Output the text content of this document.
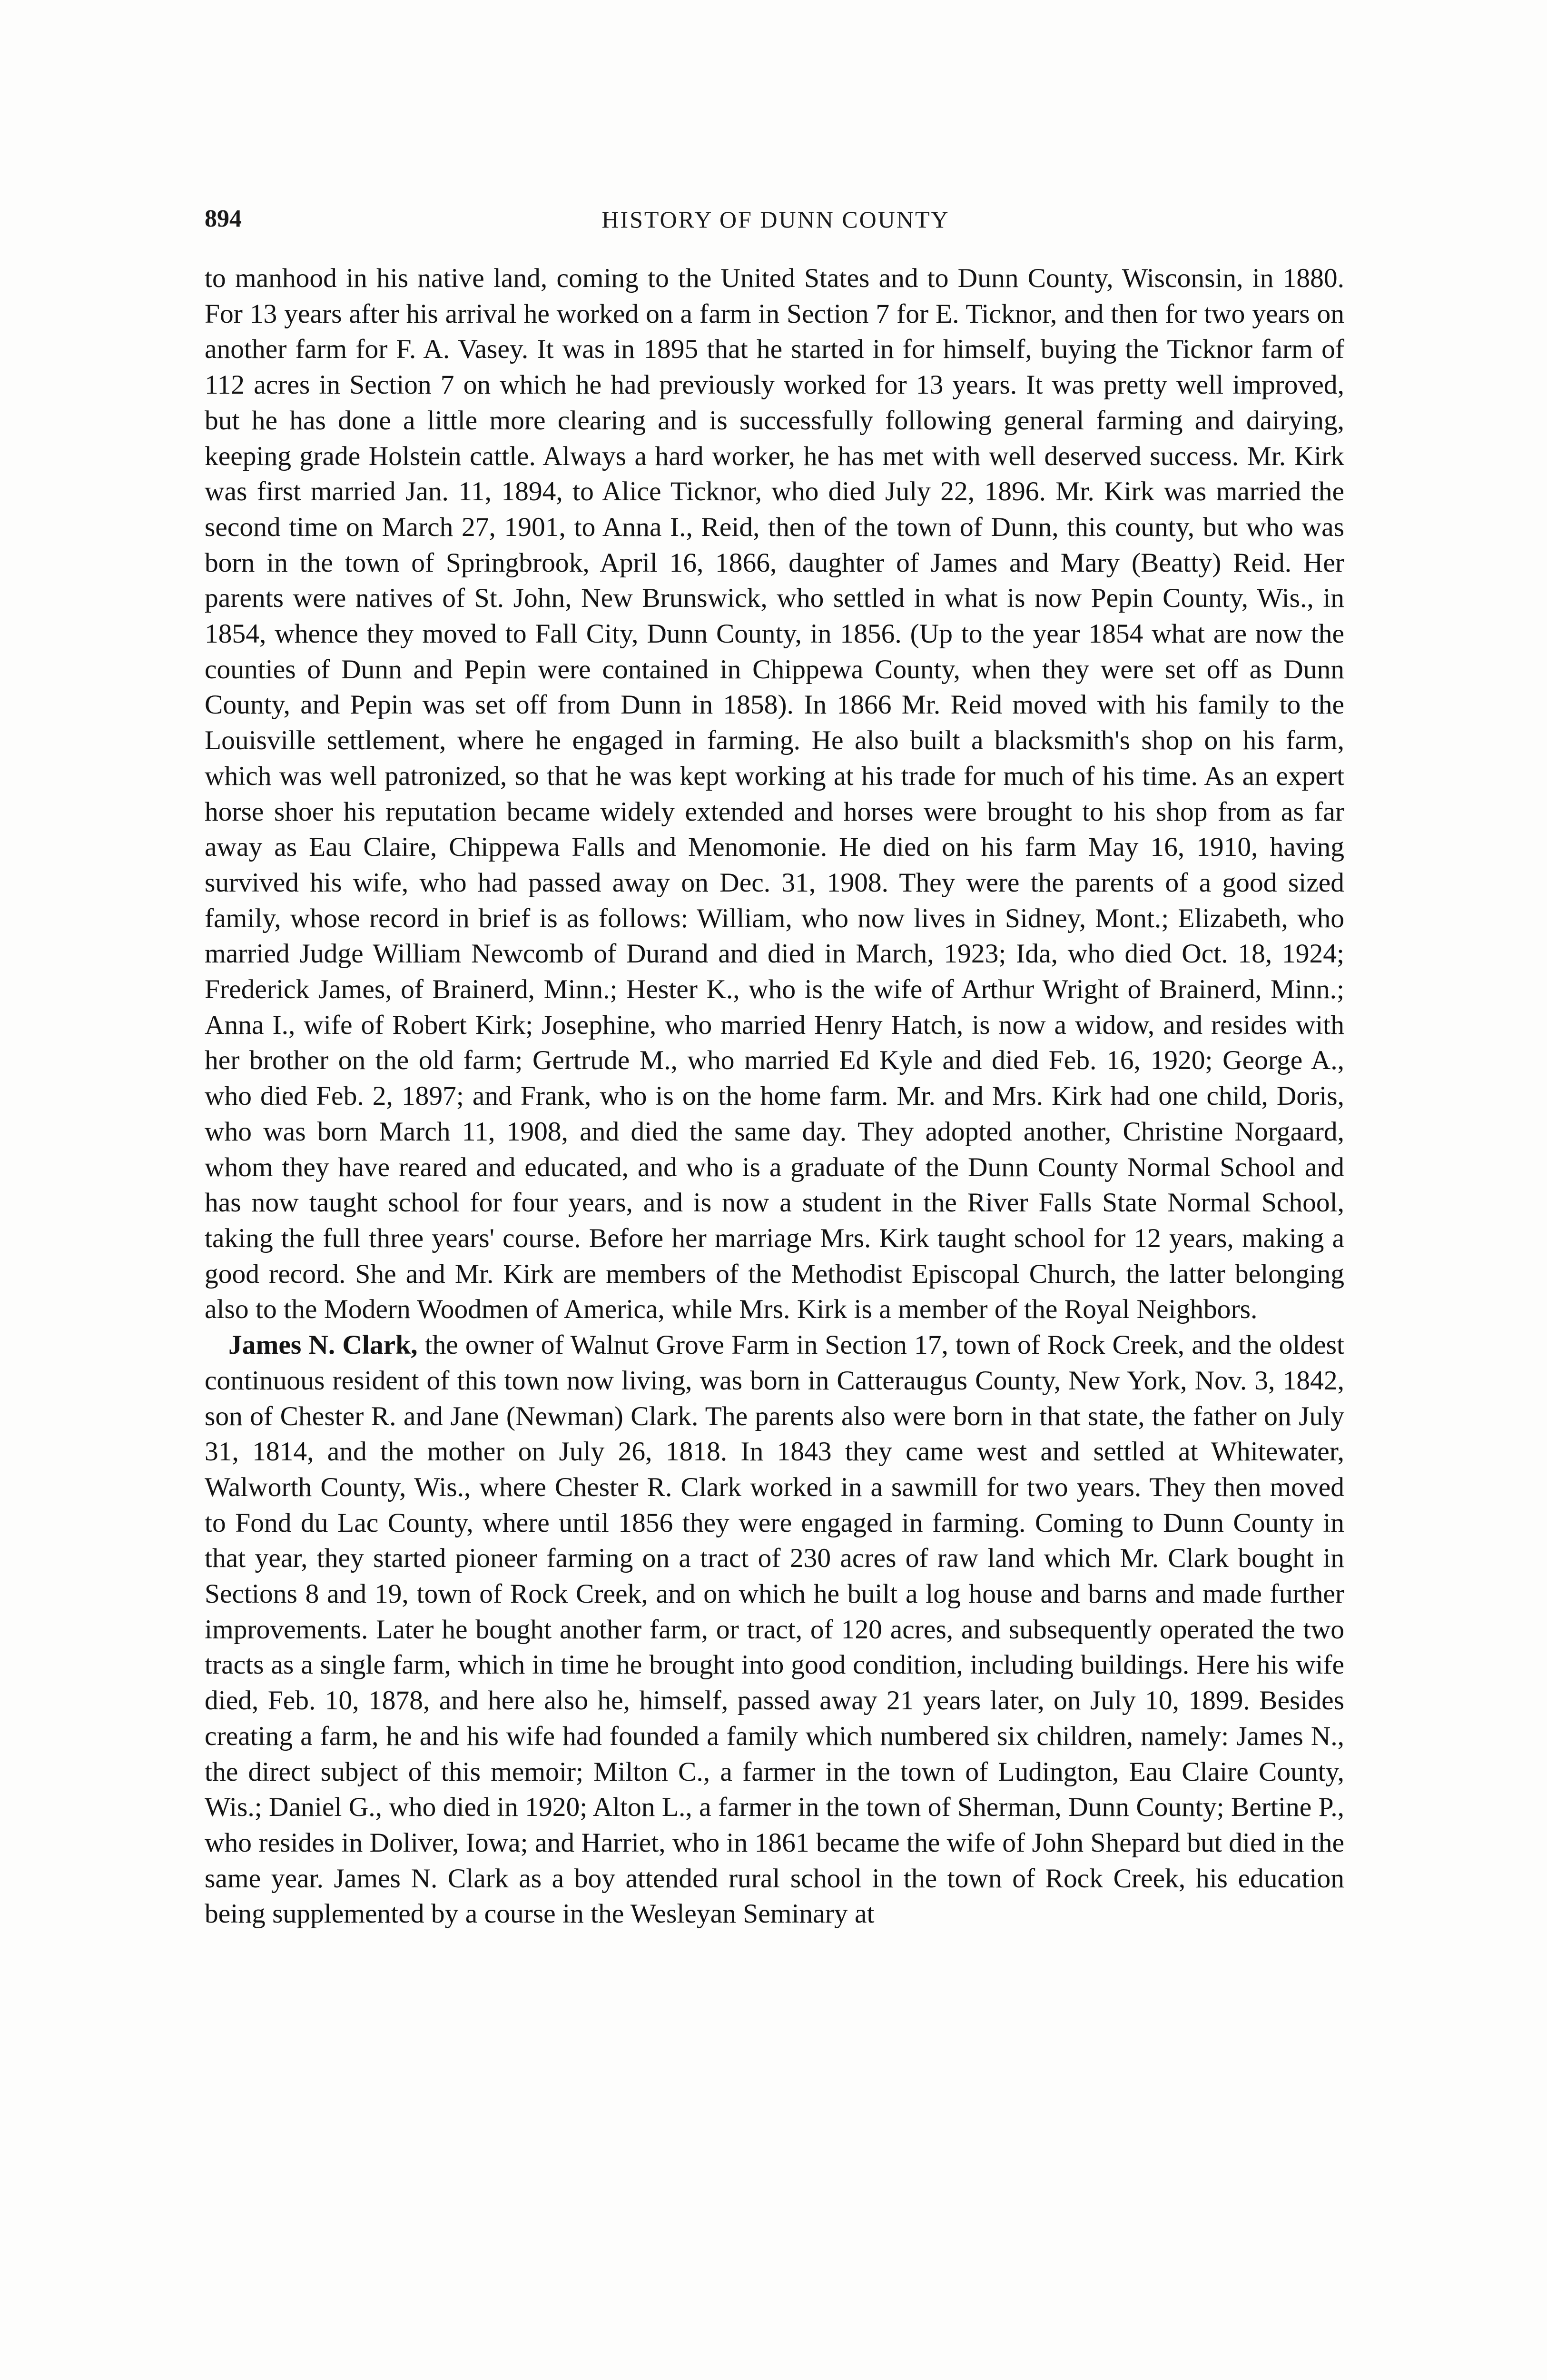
894	HISTORY OF DUNN COUNTY

to manhood in his native land, coming to the United States and to Dunn County, Wisconsin, in 1880. For 13 years after his arrival he worked on a farm in Section 7 for E. Ticknor, and then for two years on another farm for F. A. Vasey. It was in 1895 that he started in for himself, buying the Ticknor farm of 112 acres in Section 7 on which he had previously worked for 13 years. It was pretty well improved, but he has done a little more clearing and is successfully following general farming and dairying, keeping grade Holstein cattle. Always a hard worker, he has met with well deserved success. Mr. Kirk was first married Jan. 11, 1894, to Alice Ticknor, who died July 22, 1896. Mr. Kirk was married the second time on March 27, 1901, to Anna I., Reid, then of the town of Dunn, this county, but who was born in the town of Springbrook, April 16, 1866, daughter of James and Mary (Beatty) Reid. Her parents were natives of St. John, New Brunswick, who settled in what is now Pepin County, Wis., in 1854, whence they moved to Fall City, Dunn County, in 1856. (Up to the year 1854 what are now the counties of Dunn and Pepin were contained in Chippewa County, when they were set off as Dunn County, and Pepin was set off from Dunn in 1858). In 1866 Mr. Reid moved with his family to the Louisville settlement, where he engaged in farming. He also built a blacksmith's shop on his farm, which was well patronized, so that he was kept working at his trade for much of his time. As an expert horse shoer his reputation became widely extended and horses were brought to his shop from as far away as Eau Claire, Chippewa Falls and Menomonie. He died on his farm May 16, 1910, having survived his wife, who had passed away on Dec. 31, 1908. They were the parents of a good sized family, whose record in brief is as follows: William, who now lives in Sidney, Mont.; Elizabeth, who married Judge William Newcomb of Durand and died in March, 1923; Ida, who died Oct. 18, 1924; Frederick James, of Brainerd, Minn.; Hester K., who is the wife of Arthur Wright of Brainerd, Minn.; Anna I., wife of Robert Kirk; Josephine, who married Henry Hatch, is now a widow, and resides with her brother on the old farm; Gertrude M., who married Ed Kyle and died Feb. 16, 1920; George A., who died Feb. 2, 1897; and Frank, who is on the home farm. Mr. and Mrs. Kirk had one child, Doris, who was born March 11, 1908, and died the same day. They adopted another, Christine Norgaard, whom they have reared and educated, and who is a graduate of the Dunn County Normal School and has now taught school for four years, and is now a student in the River Falls State Normal School, taking the full three years' course. Before her marriage Mrs. Kirk taught school for 12 years, making a good record. She and Mr. Kirk are members of the Methodist Episcopal Church, the latter belonging also to the Modern Woodmen of America, while Mrs. Kirk is a member of the Royal Neighbors.

James N. Clark, the owner of Walnut Grove Farm in Section 17, town of Rock Creek, and the oldest continuous resident of this town now living, was born in Catteraugus County, New York, Nov. 3, 1842, son of Chester R. and Jane (Newman) Clark. The parents also were born in that state, the father on July 31, 1814, and the mother on July 26, 1818. In 1843 they came west and settled at Whitewater, Walworth County, Wis., where Chester R. Clark worked in a sawmill for two years. They then moved to Fond du Lac County, where until 1856 they were engaged in farming. Coming to Dunn County in that year, they started pioneer farming on a tract of 230 acres of raw land which Mr. Clark bought in Sections 8 and 19, town of Rock Creek, and on which he built a log house and barns and made further improvements. Later he bought another farm, or tract, of 120 acres, and subsequently operated the two tracts as a single farm, which in time he brought into good condition, including buildings. Here his wife died, Feb. 10, 1878, and here also he, himself, passed away 21 years later, on July 10, 1899. Besides creating a farm, he and his wife had founded a family which numbered six children, namely: James N., the direct subject of this memoir; Milton C., a farmer in the town of Ludington, Eau Claire County, Wis.; Daniel G., who died in 1920; Alton L., a farmer in the town of Sherman, Dunn County; Bertine P., who resides in Doliver, Iowa; and Harriet, who in 1861 became the wife of John Shepard but died in the same year. James N. Clark as a boy attended rural school in the town of Rock Creek, his education being supplemented by a course in the Wesleyan Seminary at
